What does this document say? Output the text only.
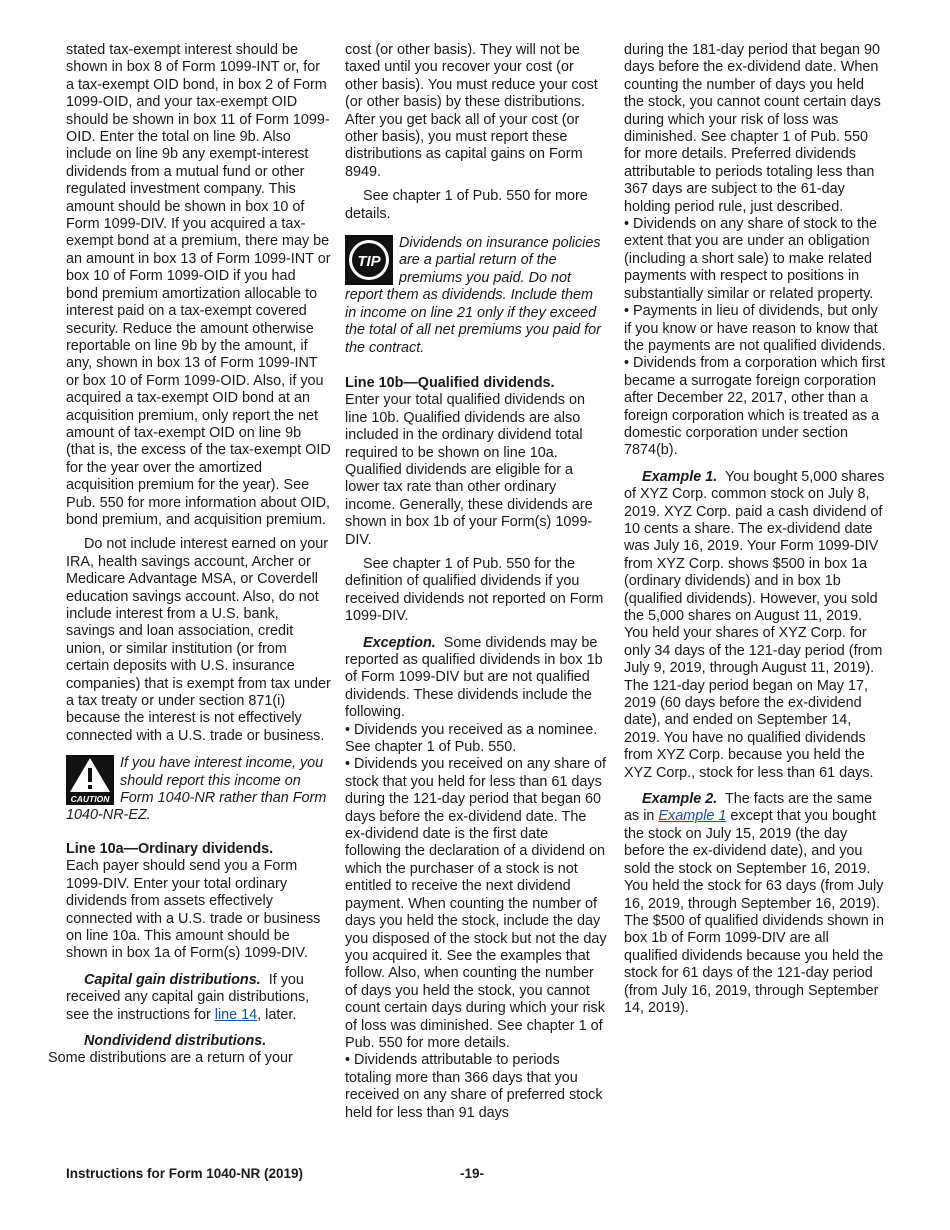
stated tax-exempt interest should be shown in box 8 of Form 1099-INT or, for a tax-exempt OID bond, in box 2 of Form 1099-OID, and your tax-exempt OID should be shown in box 11 of Form 1099-OID. Enter the total on line 9b. Also include on line 9b any exempt-interest dividends from a mutual fund or other regulated investment company. This amount should be shown in box 10 of Form 1099-DIV. If you acquired a tax-exempt bond at a premium, there may be an amount in box 13 of Form 1099-INT or box 10 of Form 1099-OID if you had bond premium amortization allocable to interest paid on a tax-exempt covered security. Reduce the amount otherwise reportable on line 9b by the amount, if any, shown in box 13 of Form 1099-INT or box 10 of Form 1099-OID. Also, if you acquired a tax-exempt OID bond at an acquisition premium, only report the net amount of tax-exempt OID on line 9b (that is, the excess of the tax-exempt OID for the year over the amortized acquisition premium for the year). See Pub. 550 for more information about OID, bond premium, and acquisition premium.

Do not include interest earned on your IRA, health savings account, Archer or Medicare Advantage MSA, or Coverdell education savings account. Also, do not include interest from a U.S. bank, savings and loan association, credit union, or similar institution (or from certain deposits with U.S. insurance companies) that is exempt from tax under a tax treaty or under section 871(i) because the interest is not effectively connected with a U.S. trade or business.

CAUTION
If you have interest income, you should report this income on Form 1040-NR rather than Form 1040-NR-EZ.

Line 10a—Ordinary dividends.

Each payer should send you a Form 1099-DIV. Enter your total ordinary dividends from assets effectively connected with a U.S. trade or business on line 10a. This amount should be shown in box 1a of Form(s) 1099-DIV.

Capital gain distributions. If you received any capital gain distributions, see the instructions for line 14, later.

Nondividend distributions.
Some distributions are a return of your

cost (or other basis). They will not be taxed until you recover your cost (or other basis). You must reduce your cost (or other basis) by these distributions. After you get back all of your cost (or other basis), you must report these distributions as capital gains on Form 8949.

See chapter 1 of Pub. 550 for more details.

TIP
Dividends on insurance policies are a partial return of the premiums you paid. Do not report them as dividends. Include them in income on line 21 only if they exceed the total of all net premiums you paid for the contract.

Line 10b—Qualified dividends.

Enter your total qualified dividends on line 10b. Qualified dividends are also included in the ordinary dividend total required to be shown on line 10a. Qualified dividends are eligible for a lower tax rate than other ordinary income. Generally, these dividends are shown in box 1b of your Form(s) 1099-DIV.

See chapter 1 of Pub. 550 for the definition of qualified dividends if you received dividends not reported on Form 1099-DIV.

Exception. Some dividends may be reported as qualified dividends in box 1b of Form 1099-DIV but are not qualified dividends. These dividends include the following.

• Dividends you received as a nominee. See chapter 1 of Pub. 550.

• Dividends you received on any share of stock that you held for less than 61 days during the 121-day period that began 60 days before the ex-dividend date. The ex-dividend date is the first date following the declaration of a dividend on which the purchaser of a stock is not entitled to receive the next dividend payment. When counting the number of days you held the stock, include the day you disposed of the stock but not the day you acquired it. See the examples that follow. Also, when counting the number of days you held the stock, you cannot count certain days during which your risk of loss was diminished. See chapter 1 of Pub. 550 for more details.

• Dividends attributable to periods totaling more than 366 days that you received on any share of preferred stock held for less than 91 days

during the 181-day period that began 90 days before the ex-dividend date. When counting the number of days you held the stock, you cannot count certain days during which your risk of loss was diminished. See chapter 1 of Pub. 550 for more details. Preferred dividends attributable to periods totaling less than 367 days are subject to the 61-day holding period rule, just described.

• Dividends on any share of stock to the extent that you are under an obligation (including a short sale) to make related payments with respect to positions in substantially similar or related property.

• Payments in lieu of dividends, but only if you know or have reason to know that the payments are not qualified dividends.

• Dividends from a corporation which first became a surrogate foreign corporation after December 22, 2017, other than a foreign corporation which is treated as a domestic corporation under section 7874(b).

Example 1. You bought 5,000 shares of XYZ Corp. common stock on July 8, 2019. XYZ Corp. paid a cash dividend of 10 cents a share. The ex-dividend date was July 16, 2019. Your Form 1099-DIV from XYZ Corp. shows $500 in box 1a (ordinary dividends) and in box 1b (qualified dividends). However, you sold the 5,000 shares on August 11, 2019. You held your shares of XYZ Corp. for only 34 days of the 121-day period (from July 9, 2019, through August 11, 2019). The 121-day period began on May 17, 2019 (60 days before the ex-dividend date), and ended on September 14, 2019. You have no qualified dividends from XYZ Corp. because you held the XYZ Corp., stock for less than 61 days.

Example 2. The facts are the same as in Example 1 except that you bought the stock on July 15, 2019 (the day before the ex-dividend date), and you sold the stock on September 16, 2019. You held the stock for 63 days (from July 16, 2019, through September 16, 2019). The $500 of qualified dividends shown in box 1b of Form 1099-DIV are all qualified dividends because you held the stock for 61 days of the 121-day period (from July 16, 2019, through September 14, 2019).

Instructions for Form 1040-NR (2019)	-19-
